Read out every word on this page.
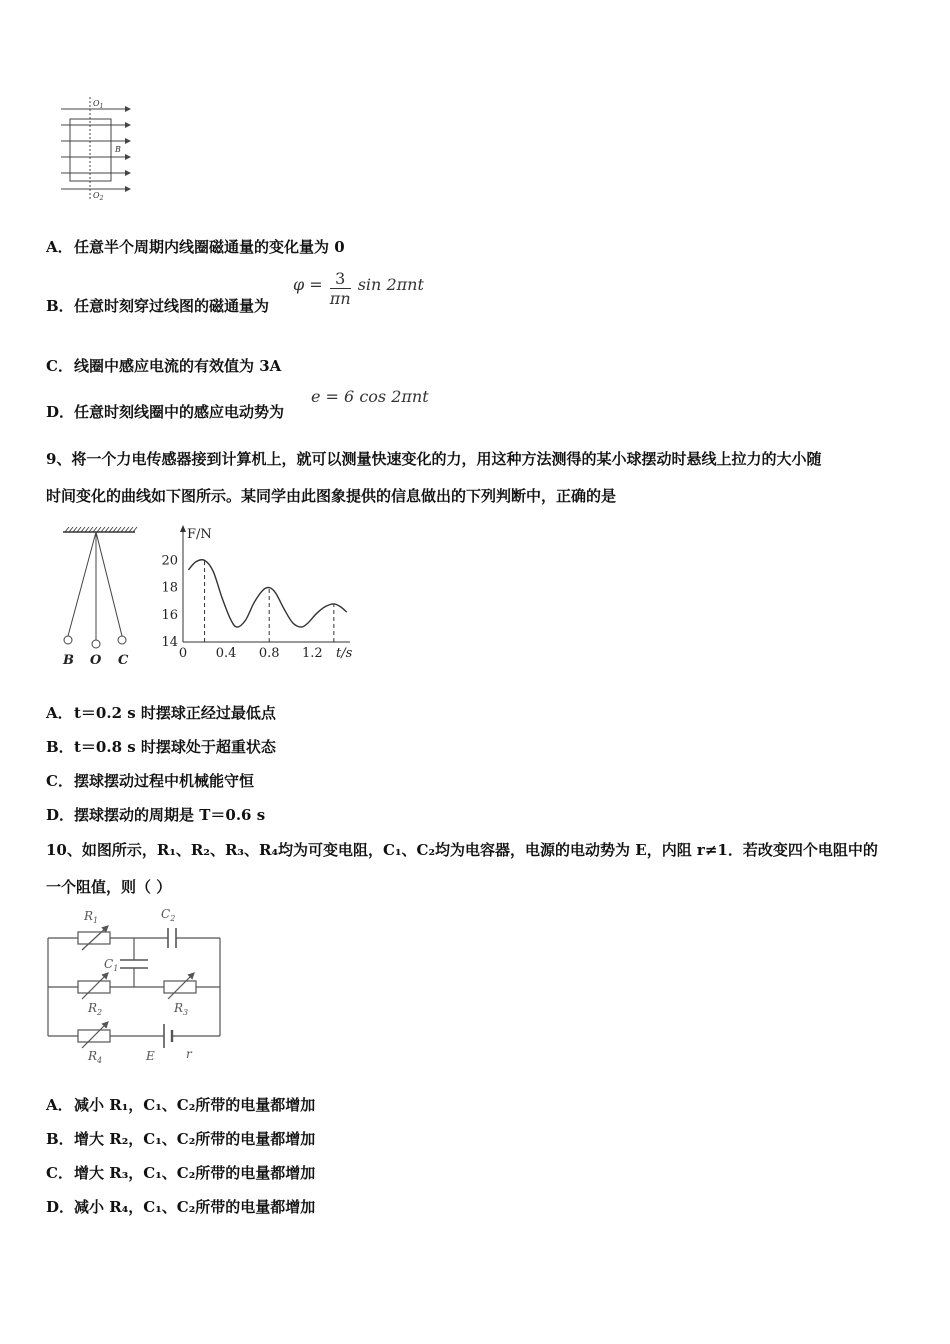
$O_1$
B
$O_2$
A．任意半个周期内线圈磁通量的变化量为 0
B．任意时刻穿过线图的磁通量为
$\varphi = \frac{3}{\pi n}$ sin 2πnt
C．线圈中感应电流的有效值为 3A
D．任意时刻线圈中的感应电动势为
e = 6 cos 2πnt
9、将一个力电传感器接到计算机上，就可以测量快速变化的力，用这种方法测得的某小球摆动时悬线上拉力的大小随
时间变化的曲线如下图所示。某同学由此图象提供的信息做出的下列判断中，正确的是
B O C	0 0.4 0.8 1.2
20
18
16
14
F/N
t/s
A．t＝0.2 s 时摆球正经过最低点
B．t＝0.8 s 时摆球处于超重状态
C．摆球摆动过程中机械能守恒
D．摆球摆动的周期是 T＝0.6 s
10、如图所示，R₁、R₂、R₃、R₄均为可变电阻，C₁、C₂均为电容器，电源的电动势为 E，内阻 r≠1．若改变四个电阻中的
一个阻值，则（ ）
$R_1$	$C_2$
$C_1$
$R_2$	$R_3$
$R_4$	E	r
A．减小 R₁，C₁、C₂所带的电量都增加
B．增大 R₂，C₁、C₂所带的电量都增加
C．增大 R₃，C₁、C₂所带的电量都增加
D．减小 R₄，C₁、C₂所带的电量都增加
